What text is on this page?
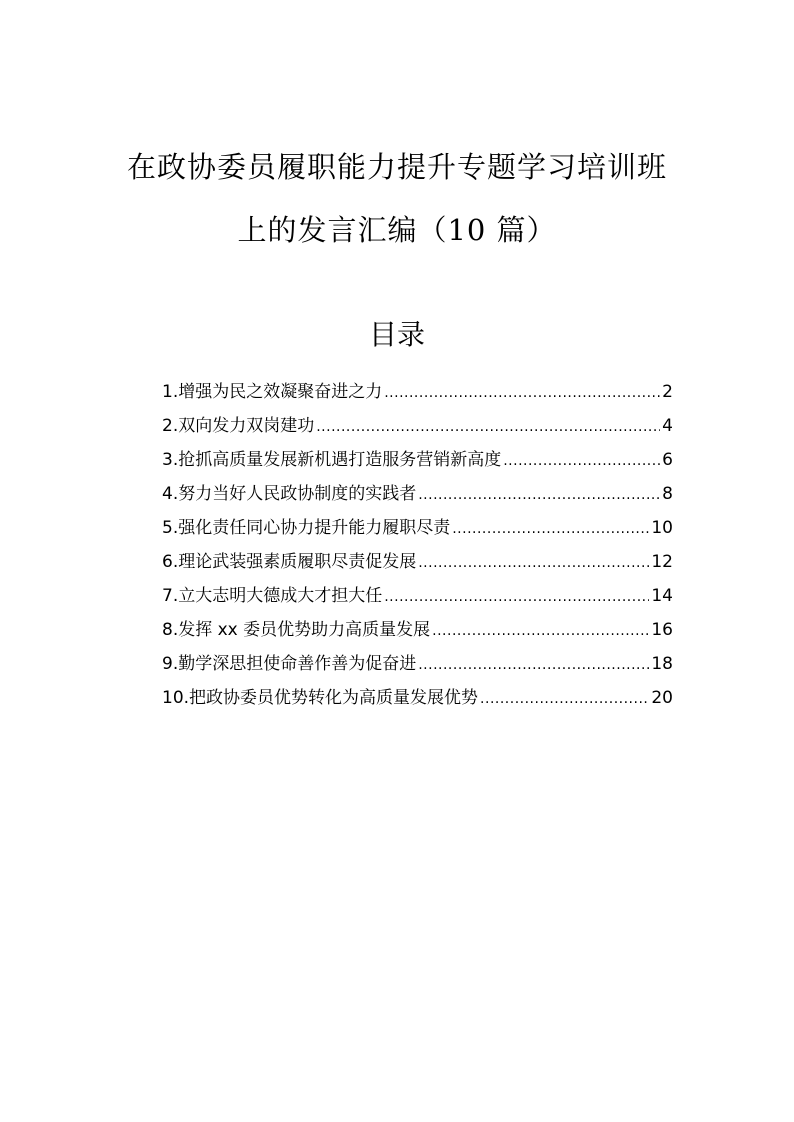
在政协委员履职能力提升专题学习培训班
上的发言汇编（10 篇）
目录
1.增强为民之效凝聚奋进之力 .....	2
2.双向发力双岗建功 .....	4
3.抢抓高质量发展新机遇打造服务营销新高度 .....	6
4.努力当好人民政协制度的实践者 .....	8
5.强化责任同心协力提升能力履职尽责 .....	10
6.理论武装强素质履职尽责促发展 .....	12
7.立大志明大德成大才担大任 .....	14
8.发挥 xx 委员优势助力高质量发展 .....	16
9.勤学深思担使命善作善为促奋进 .....	18
10.把政协委员优势转化为高质量发展优势 .....	20
